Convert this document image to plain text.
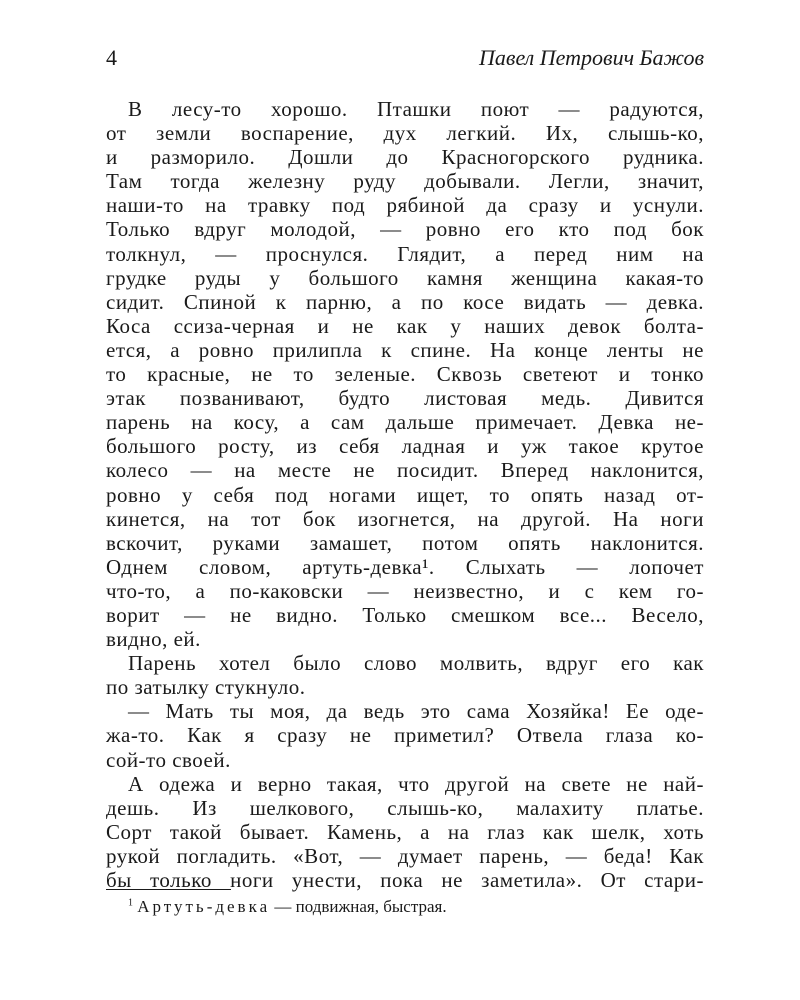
4	Павел Петрович Бажов
В лесу-то хорошо. Пташки поют — радуются,
от земли воспарение, дух легкий. Их, слышь-ко,
и разморило. Дошли до Красногорского рудника.
Там тогда железну руду добывали. Легли, значит,
наши-то на травку под рябиной да сразу и уснули.
Только вдруг молодой, — ровно его кто под бок
толкнул, — проснулся. Глядит, а перед ним на
грудке руды у большого камня женщина какая-то
сидит. Спиной к парню, а по косе видать — девка.
Коса ссиза-черная и не как у наших девок болта-
ется, а ровно прилипла к спине. На конце ленты не
то красные, не то зеленые. Сквозь светеют и тонко
этак позванивают, будто листовая медь. Дивится
парень на косу, а сам дальше примечает. Девка не-
большого росту, из себя ладная и уж такое крутое
колесо — на месте не посидит. Вперед наклонится,
ровно у себя под ногами ищет, то опять назад от-
кинется, на тот бок изогнется, на другой. На ноги
вскочит, руками замашет, потом опять наклонится.
Однем словом, артуть-девка¹. Слыхать — лопочет
что-то, а по-каковски — неизвестно, и с кем го-
ворит — не видно. Только смешком все... Весело,
видно, ей.
Парень хотел было слово молвить, вдруг его как
по затылку стукнуло.
— Мать ты моя, да ведь это сама Хозяйка! Ее оде-
жа-то. Как я сразу не приметил? Отвела глаза ко-
сой-то своей.
А одежа и верно такая, что другой на свете не най-
дешь. Из шелкового, слышь-ко, малахиту платье.
Сорт такой бывает. Камень, а на глаз как шелк, хоть
рукой погладить. «Вот, — думает парень, — беда! Как
бы только ноги унести, пока не заметила». От стари-
$^1$ Артуть-девка — подвижная, быстрая.
